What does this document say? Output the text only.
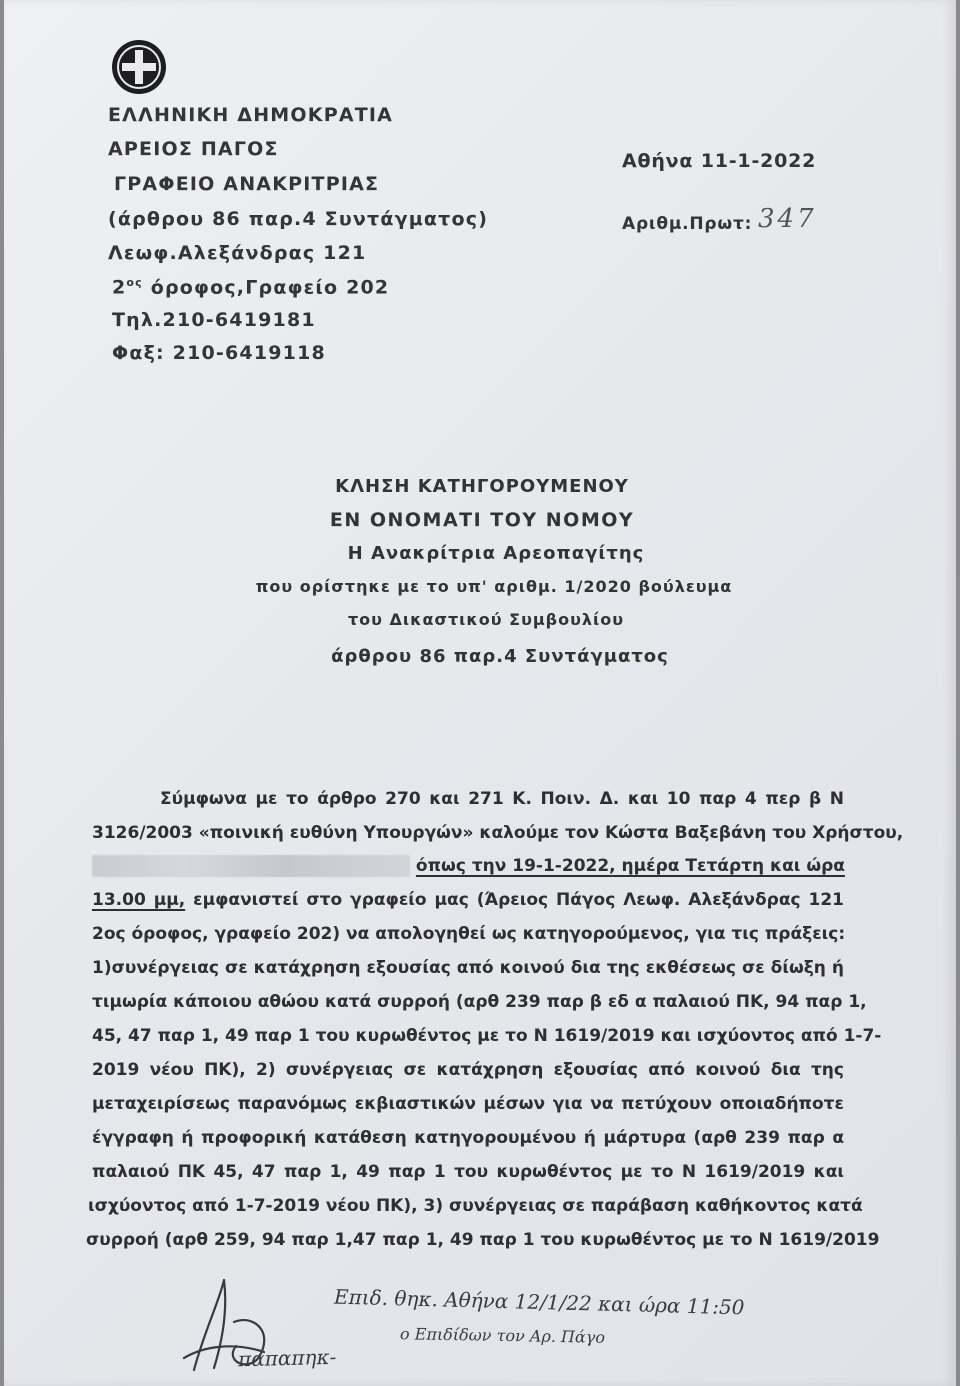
ΕΛΛΗΝΙΚΗ ΔΗΜΟΚΡΑΤΙΑ
ΑΡΕΙΟΣ ΠΑΓΟΣ
ΓΡΑΦΕΙΟ ΑΝΑΚΡΙΤΡΙΑΣ
(άρθρου 86 παρ.4 Συντάγματος)
Λεωφ.Αλεξάνδρας 121
$2^{o\varsigma}$ όροφος,Γραφείο 202
Τηλ.210-6419181
Φαξ: 210-6419118
Αθήνα 11-1-2022
Αριθμ.Πρωτ: 347
ΚΛΗΣΗ ΚΑΤΗΓΟΡΟΥΜΕΝΟΥ
ΕΝ ΟΝΟΜΑΤΙ ΤΟΥ ΝΟΜΟΥ
Η Ανακρίτρια Αρεοπαγίτης
που ορίστηκε με το υπ' αριθμ. 1/2020 βούλευμα
του Δικαστικού Συμβουλίου
άρθρου 86 παρ.4 Συντάγματος
Σύμφωνα με το άρθρο 270 και 271 Κ. Ποιν. Δ. και 10 παρ 4 περ β Ν
3126/2003 «ποινική ευθύνη Υπουργών» καλούμε τον Κώστα Βαξεβάνη του Χρήστου,
όπως την 19-1-2022, ημέρα Τετάρτη και ώρα
13.00 μμ, εμφανιστεί στο γραφείο μας (Άρειος Πάγος Λεωφ. Αλεξάνδρας 121
2ος όροφος, γραφείο 202) να απολογηθεί ως κατηγορούμενος, για τις πράξεις:
1)συνέργειας σε κατάχρηση εξουσίας από κοινού δια της εκθέσεως σε δίωξη ή
τιμωρία κάποιου αθώου κατά συρροή (αρθ 239 παρ β εδ α παλαιού ΠΚ, 94 παρ 1,
45, 47 παρ 1, 49 παρ 1 του κυρωθέντος με το Ν 1619/2019 και ισχύοντος από 1-7-
2019 νέου ΠΚ), 2) συνέργειας σε κατάχρηση εξουσίας από κοινού δια της
μεταχειρίσεως παρανόμως εκβιαστικών μέσων για να πετύχουν οποιαδήποτε
έγγραφη ή προφορική κατάθεση κατηγορουμένου ή μάρτυρα (αρθ 239 παρ α
παλαιού ΠΚ 45, 47 παρ 1, 49 παρ 1 του κυρωθέντος με το Ν 1619/2019 και
ισχύοντος από 1-7-2019 νέου ΠΚ), 3) συνέργειας σε παράβαση καθήκοντος κατά
συρροή (αρθ 259, 94 παρ 1,47 παρ 1, 49 παρ 1 του κυρωθέντος με το Ν 1619/2019
Επιδ. θηκ. Αθήνα 12/1/22 και ώρα 11:50
ο Επιδίδων τον Αρ. Πάγο
παπαπηκ-
